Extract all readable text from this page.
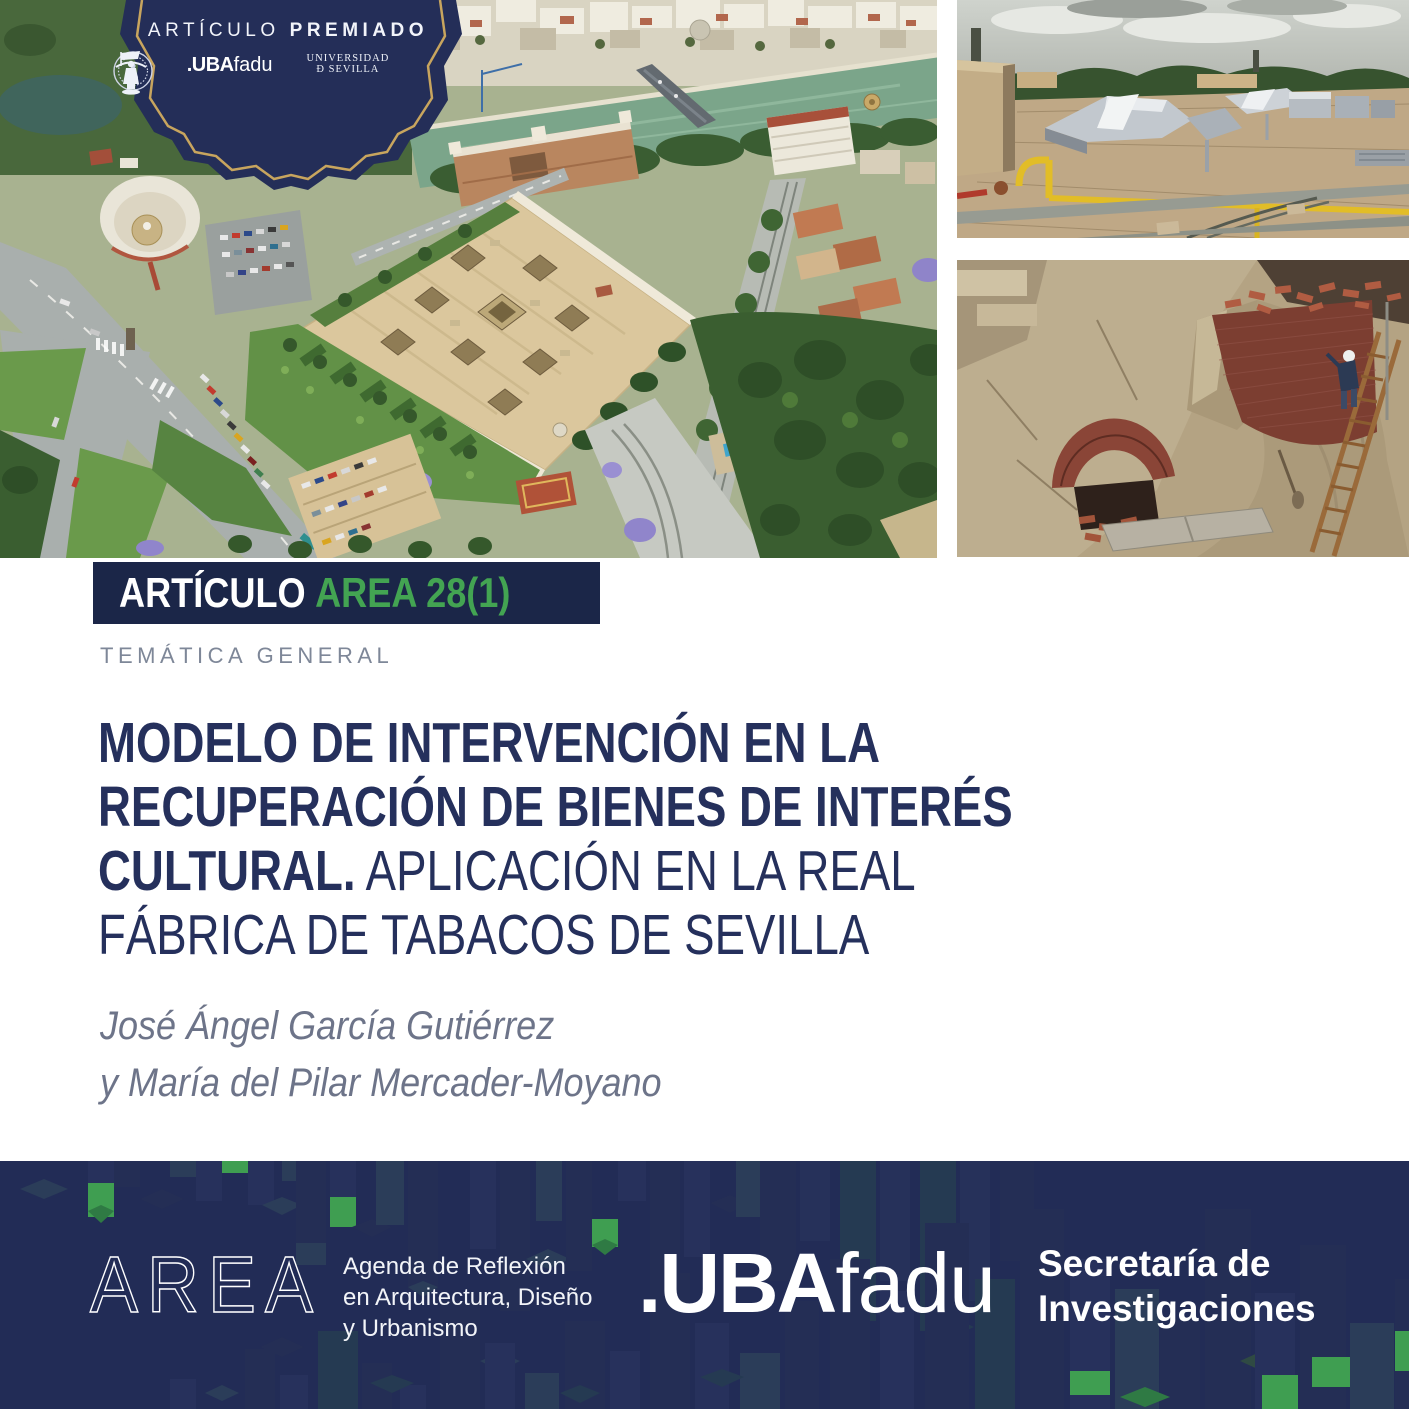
ARTÍCULO PREMIADO
.UBAfadu	UNIVERSIDAD
Ð SEVILLA
ARTÍCULO AREA 28(1)
TEMÁTICA GENERAL
MODELO DE INTERVENCIÓN EN LA
RECUPERACIÓN DE BIENES DE INTERÉS
CULTURAL. APLICACIÓN EN LA REAL
FÁBRICA DE TABACOS DE SEVILLA
José Ángel García Gutiérrez
y María del Pilar Mercader-Moyano
AREA Agenda de Reflexión
en Arquitectura, Diseño
y Urbanismo	.UBAfadu Secretaría de
Investigaciones
